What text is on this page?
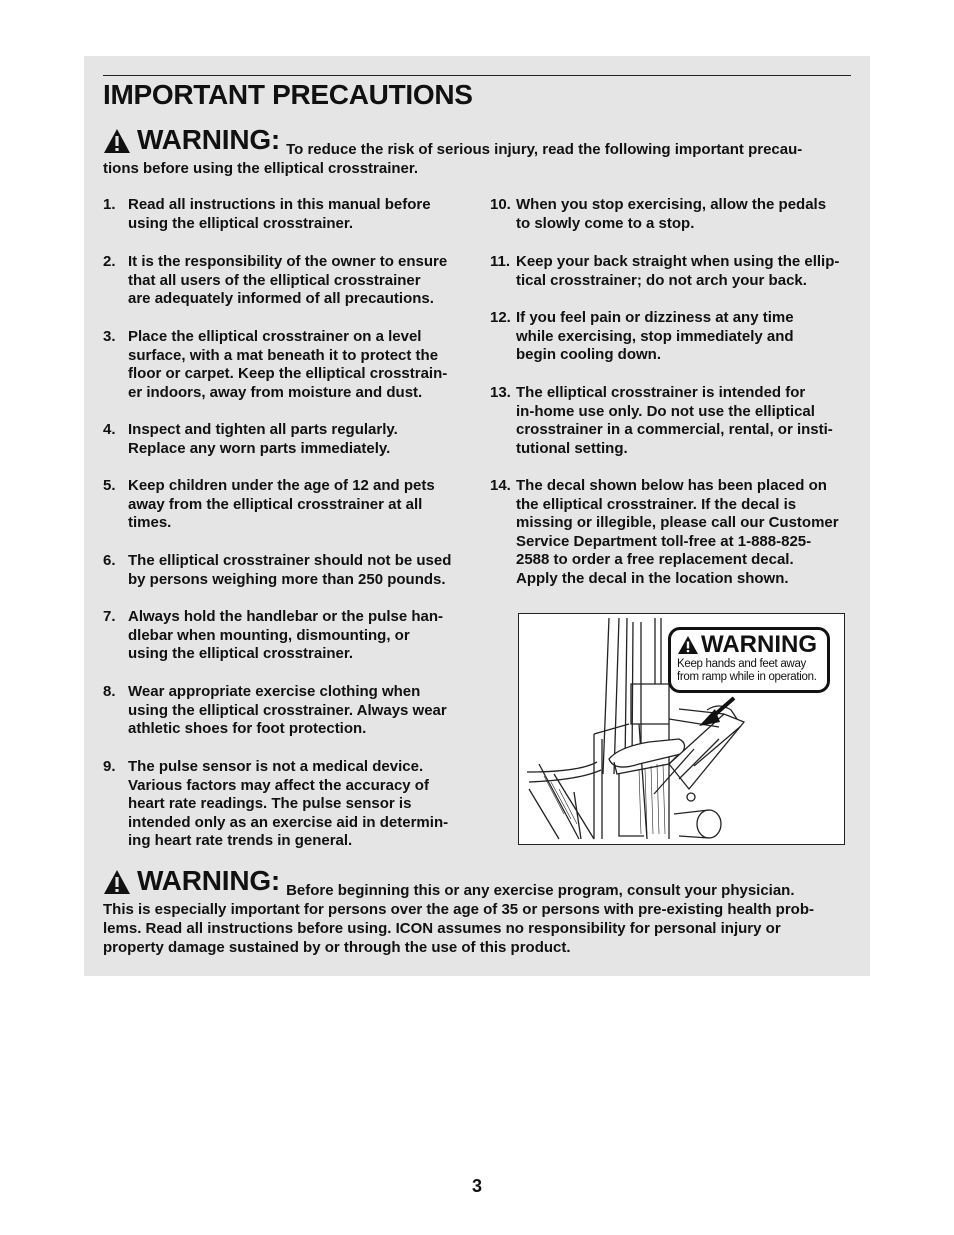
IMPORTANT PRECAUTIONS
WARNING: To reduce the risk of serious injury, read the following important precau-
tions before using the elliptical crosstrainer.
1. Read all instructions in this manual before
using the elliptical crosstrainer.
2. It is the responsibility of the owner to ensure
that all users of the elliptical crosstrainer
are adequately informed of all precautions.
3. Place the elliptical crosstrainer on a level
surface, with a mat beneath it to protect the
floor or carpet. Keep the elliptical crosstrain-
er indoors, away from moisture and dust.
4. Inspect and tighten all parts regularly.
Replace any worn parts immediately.
5. Keep children under the age of 12 and pets
away from the elliptical crosstrainer at all
times.
6. The elliptical crosstrainer should not be used
by persons weighing more than 250 pounds.
7. Always hold the handlebar or the pulse han-
dlebar when mounting, dismounting, or
using the elliptical crosstrainer.
8. Wear appropriate exercise clothing when
using the elliptical crosstrainer. Always wear
athletic shoes for foot protection.
9. The pulse sensor is not a medical device.
Various factors may affect the accuracy of
heart rate readings. The pulse sensor is
intended only as an exercise aid in determin-
ing heart rate trends in general.
10. When you stop exercising, allow the pedals
to slowly come to a stop.
11. Keep your back straight when using the ellip-
tical crosstrainer; do not arch your back.
12. If you feel pain or dizziness at any time
while exercising, stop immediately and
begin cooling down.
13. The elliptical crosstrainer is intended for
in-home use only. Do not use the elliptical
crosstrainer in a commercial, rental, or insti-
tutional setting.
14. The decal shown below has been placed on
the elliptical crosstrainer. If the decal is
missing or illegible, please call our Customer
Service Department toll-free at 1-888-825-
2588 to order a free replacement decal.
Apply the decal in the location shown.
WARNING
Keep hands and feet away
from ramp while in operation.
WARNING: Before beginning this or any exercise program, consult your physician.
This is especially important for persons over the age of 35 or persons with pre-existing health prob-
lems. Read all instructions before using. ICON assumes no responsibility for personal injury or
property damage sustained by or through the use of this product.
3
